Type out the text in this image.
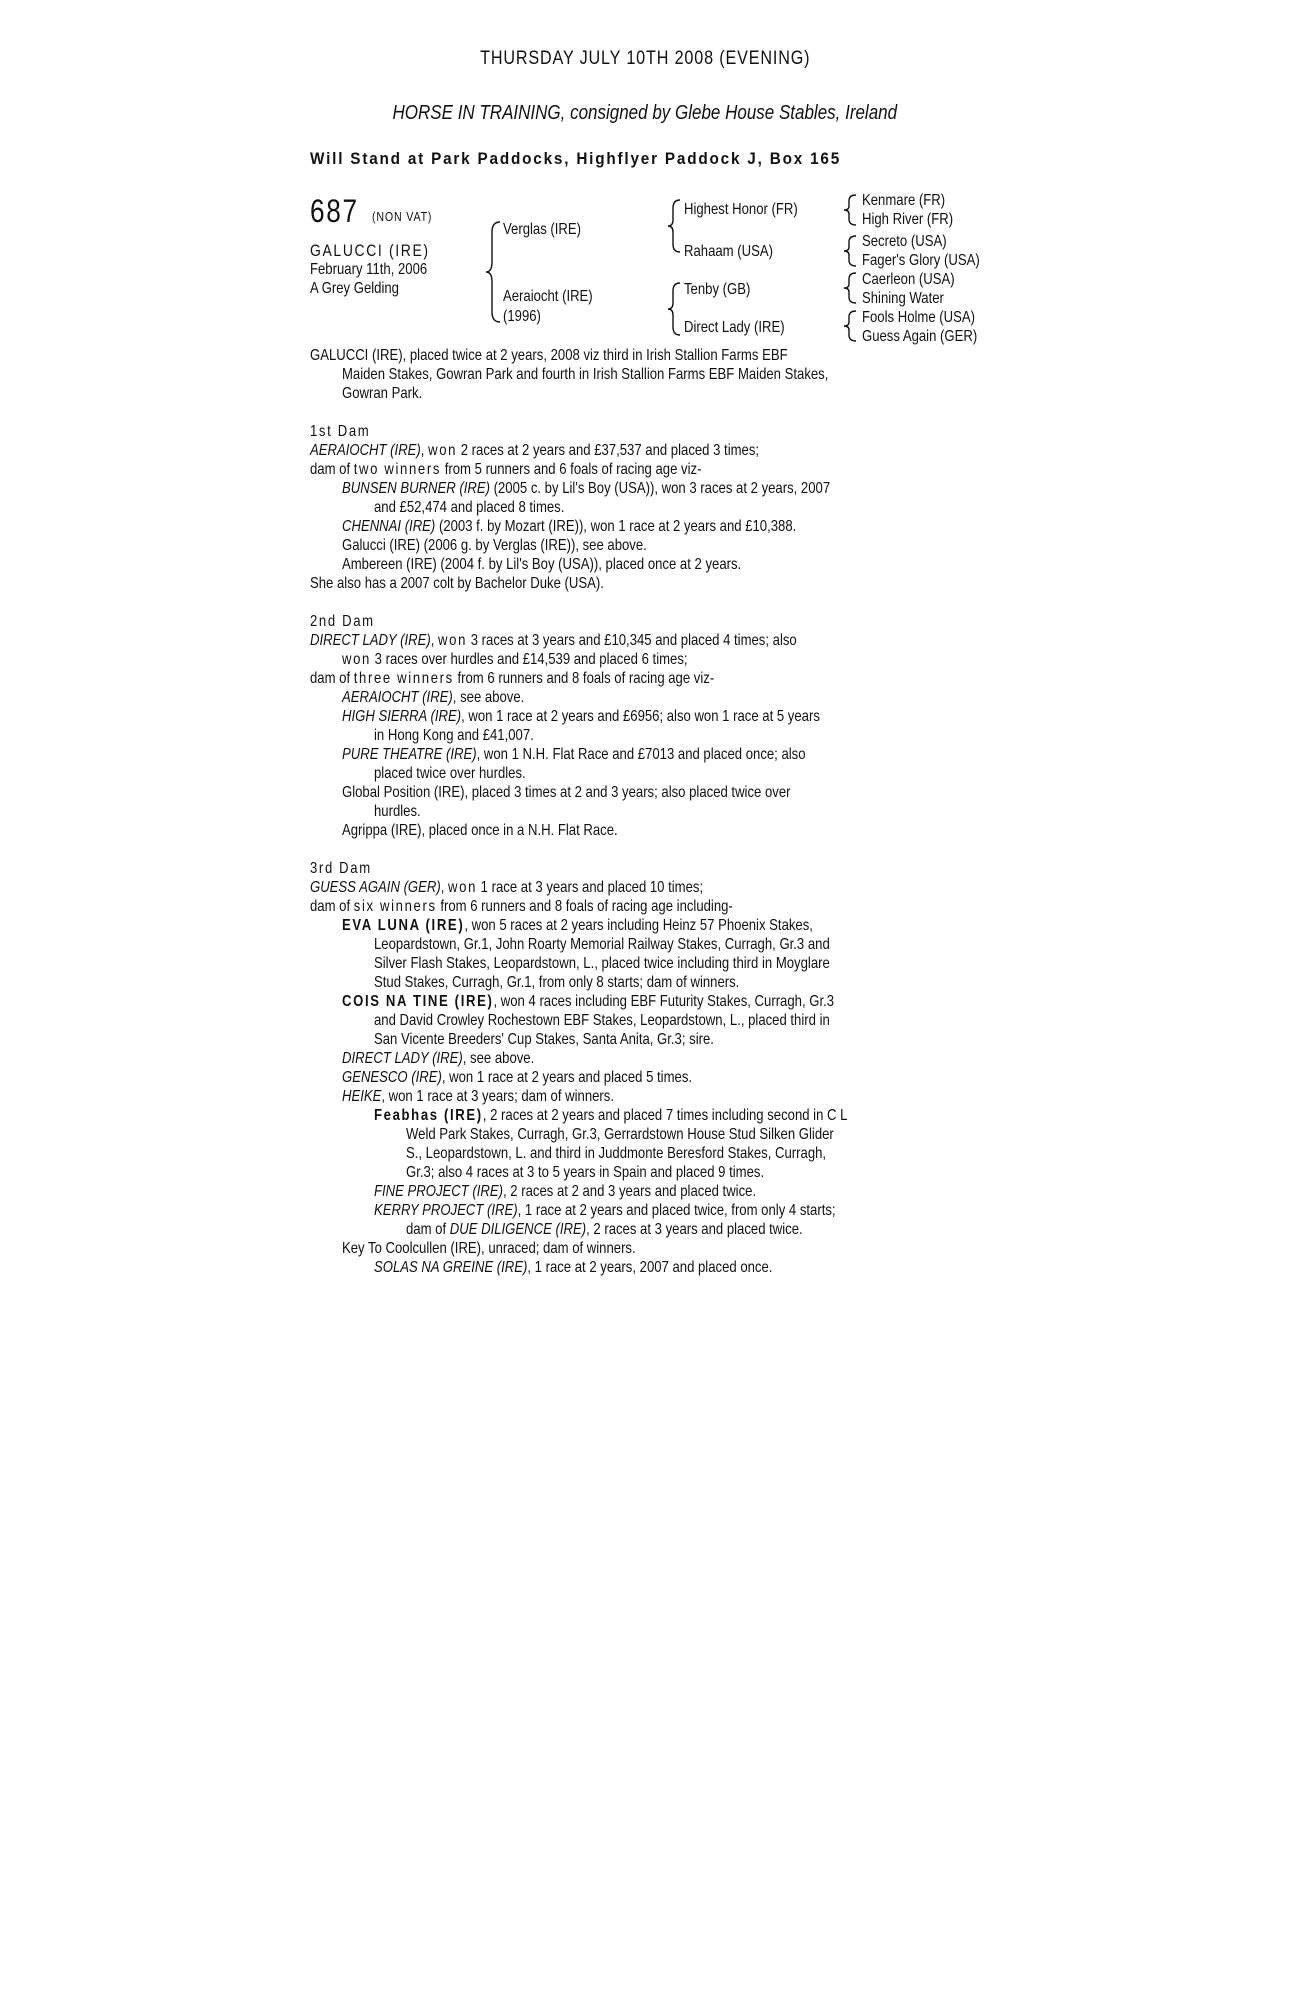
THURSDAY JULY 10TH 2008 (EVENING)
HORSE IN TRAINING, consigned by Glebe House Stables, Ireland
Will Stand at Park Paddocks, Highflyer Paddock J, Box 165
687 (NON VAT)
GALUCCI (IRE)
February 11th, 2006
A Grey Gelding
Verglas (IRE)
Aeraiocht (IRE)
(1996)
Highest Honor (FR)
Rahaam (USA)
Tenby (GB)
Direct Lady (IRE)
Kenmare (FR)
High River (FR)
Secreto (USA)
Fager's Glory (USA)
Caerleon (USA)
Shining Water
Fools Holme (USA)
Guess Again (GER)
GALUCCI (IRE), placed twice at 2 years, 2008 viz third in Irish Stallion Farms EBF
Maiden Stakes, Gowran Park and fourth in Irish Stallion Farms EBF Maiden Stakes,
Gowran Park.
1st Dam
AERAIOCHT (IRE), won 2 races at 2 years and £37,537 and placed 3 times;
dam of two winners from 5 runners and 6 foals of racing age viz-
BUNSEN BURNER (IRE) (2005 c. by Lil's Boy (USA)), won 3 races at 2 years, 2007
and £52,474 and placed 8 times.
CHENNAI (IRE) (2003 f. by Mozart (IRE)), won 1 race at 2 years and £10,388.
Galucci (IRE) (2006 g. by Verglas (IRE)), see above.
Ambereen (IRE) (2004 f. by Lil's Boy (USA)), placed once at 2 years.
She also has a 2007 colt by Bachelor Duke (USA).
2nd Dam
DIRECT LADY (IRE), won 3 races at 3 years and £10,345 and placed 4 times; also
won 3 races over hurdles and £14,539 and placed 6 times;
dam of three winners from 6 runners and 8 foals of racing age viz-
AERAIOCHT (IRE), see above.
HIGH SIERRA (IRE), won 1 race at 2 years and £6956; also won 1 race at 5 years
in Hong Kong and £41,007.
PURE THEATRE (IRE), won 1 N.H. Flat Race and £7013 and placed once; also
placed twice over hurdles.
Global Position (IRE), placed 3 times at 2 and 3 years; also placed twice over
hurdles.
Agrippa (IRE), placed once in a N.H. Flat Race.
3rd Dam
GUESS AGAIN (GER), won 1 race at 3 years and placed 10 times;
dam of six winners from 6 runners and 8 foals of racing age including-
EVA LUNA (IRE), won 5 races at 2 years including Heinz 57 Phoenix Stakes,
Leopardstown, Gr.1, John Roarty Memorial Railway Stakes, Curragh, Gr.3 and
Silver Flash Stakes, Leopardstown, L., placed twice including third in Moyglare
Stud Stakes, Curragh, Gr.1, from only 8 starts; dam of winners.
COIS NA TINE (IRE), won 4 races including EBF Futurity Stakes, Curragh, Gr.3
and David Crowley Rochestown EBF Stakes, Leopardstown, L., placed third in
San Vicente Breeders' Cup Stakes, Santa Anita, Gr.3; sire.
DIRECT LADY (IRE), see above.
GENESCO (IRE), won 1 race at 2 years and placed 5 times.
HEIKE, won 1 race at 3 years; dam of winners.
Feabhas (IRE), 2 races at 2 years and placed 7 times including second in C L
Weld Park Stakes, Curragh, Gr.3, Gerrardstown House Stud Silken Glider
S., Leopardstown, L. and third in Juddmonte Beresford Stakes, Curragh,
Gr.3; also 4 races at 3 to 5 years in Spain and placed 9 times.
FINE PROJECT (IRE), 2 races at 2 and 3 years and placed twice.
KERRY PROJECT (IRE), 1 race at 2 years and placed twice, from only 4 starts;
dam of DUE DILIGENCE (IRE), 2 races at 3 years and placed twice.
Key To Coolcullen (IRE), unraced; dam of winners.
SOLAS NA GREINE (IRE), 1 race at 2 years, 2007 and placed once.
